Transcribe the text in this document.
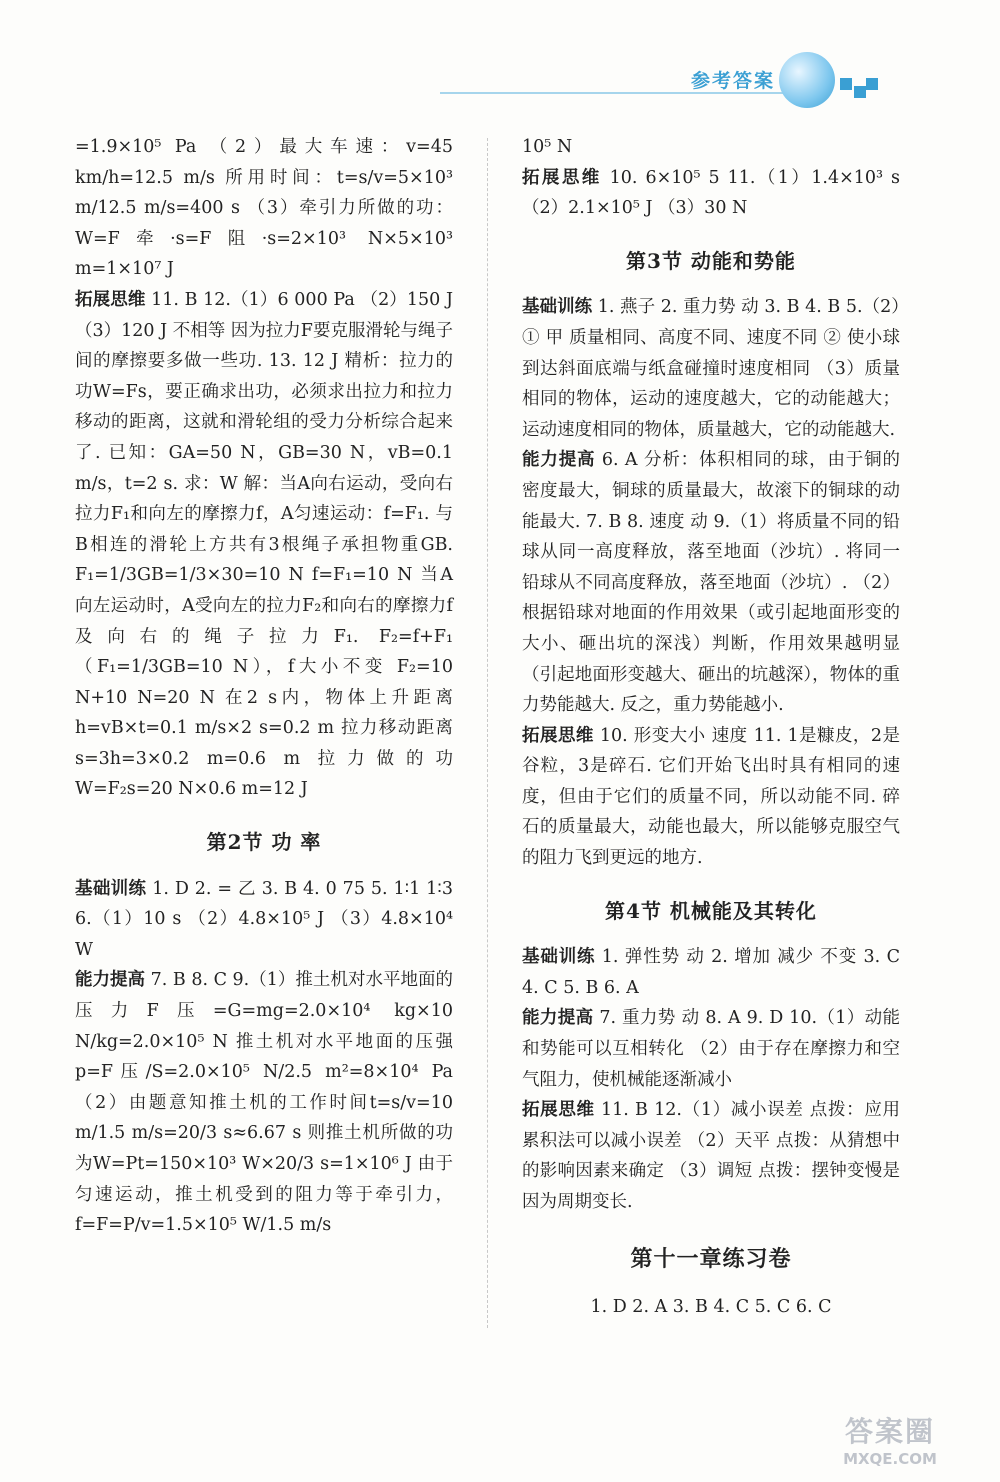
参考答案

=1.9×10⁵ Pa （2）最大车速：v=45 km/h=12.5 m/s 所用时间：t=s/v=5×10³ m/12.5 m/s=400 s （3）牵引力所做的功：W=F牵·s=F阻·s=2×10³ N×5×10³ m=1×10⁷ J

拓展思维 11. B 12.（1）6 000 Pa （2）150 J （3）120 J 不相等 因为拉力F要克服滑轮与绳子间的摩擦要多做一些功. 13. 12 J 精析：拉力的功W=Fs，要正确求出功，必须求出拉力和拉力移动的距离，这就和滑轮组的受力分析综合起来了. 已知：GA=50 N，GB=30 N，vB=0.1 m/s，t=2 s. 求：W 解：当A向右运动，受向右拉力F₁和向左的摩擦力f，A匀速运动：f=F₁. 与B相连的滑轮上方共有3根绳子承担物重GB. F₁=1/3GB=1/3×30=10 N f=F₁=10 N 当A向左运动时，A受向左的拉力F₂和向右的摩擦力f及向右的绳子拉力F₁. F₂=f+F₁（F₁=1/3GB=10 N），f大小不变 F₂=10 N+10 N=20 N 在2 s内，物体上升距离h=vB×t=0.1 m/s×2 s=0.2 m 拉力移动距离s=3h=3×0.2 m=0.6 m 拉力做的功W=F₂s=20 N×0.6 m=12 J

第2节 功 率

基础训练 1. D 2. = 乙 3. B 4. 0 75 5. 1∶1 1∶3 6.（1）10 s （2）4.8×10⁵ J （3）4.8×10⁴ W

能力提高 7. B 8. C 9.（1）推土机对水平地面的压力F压=G=mg=2.0×10⁴ kg×10 N/kg=2.0×10⁵ N 推土机对水平地面的压强p=F压/S=2.0×10⁵ N/2.5 m²=8×10⁴ Pa （2）由题意知推土机的工作时间t=s/v=10 m/1.5 m/s=20/3 s≈6.67 s 则推土机所做的功为W=Pt=150×10³ W×20/3 s=1×10⁶ J 由于匀速运动，推土机受到的阻力等于牵引力，f=F=P/v=1.5×10⁵ W/1.5 m/s

10⁵ N

拓展思维 10. 6×10⁵ 5 11.（1）1.4×10³ s （2）2.1×10⁵ J （3）30 N

第3节 动能和势能

基础训练 1. 燕子 2. 重力势 动 3. B 4. B 5.（2）① 甲 质量相同、高度不同、速度不同 ② 使小球到达斜面底端与纸盒碰撞时速度相同 （3）质量相同的物体，运动的速度越大，它的动能越大；运动速度相同的物体，质量越大，它的动能越大.

能力提高 6. A 分析：体积相同的球，由于铜的密度最大，铜球的质量最大，故滚下的铜球的动能最大. 7. B 8. 速度 动 9.（1）将质量不同的铅球从同一高度释放，落至地面（沙坑）. 将同一铅球从不同高度释放，落至地面（沙坑）. （2）根据铅球对地面的作用效果（或引起地面形变的大小、砸出坑的深浅）判断，作用效果越明显（引起地面形变越大、砸出的坑越深），物体的重力势能越大. 反之，重力势能越小.

拓展思维 10. 形变大小 速度 11. 1是糠皮，2是谷粒，3是碎石. 它们开始飞出时具有相同的速度，但由于它们的质量不同，所以动能不同. 碎石的质量最大，动能也最大，所以能够克服空气的阻力飞到更远的地方.

第4节 机械能及其转化

基础训练 1. 弹性势 动 2. 增加 减少 不变 3. C 4. C 5. B 6. A

能力提高 7. 重力势 动 8. A 9. D 10.（1）动能和势能可以互相转化 （2）由于存在摩擦力和空气阻力，使机械能逐渐减小

拓展思维 11. B 12.（1）减小误差 点拨：应用累积法可以减小误差 （2）天平 点拨：从猜想中的影响因素来确定 （3）调短 点拨：摆钟变慢是因为周期变长.

第十一章练习卷

1. D 2. A 3. B 4. C 5. C 6. C

答案圈
MXQE.COM
